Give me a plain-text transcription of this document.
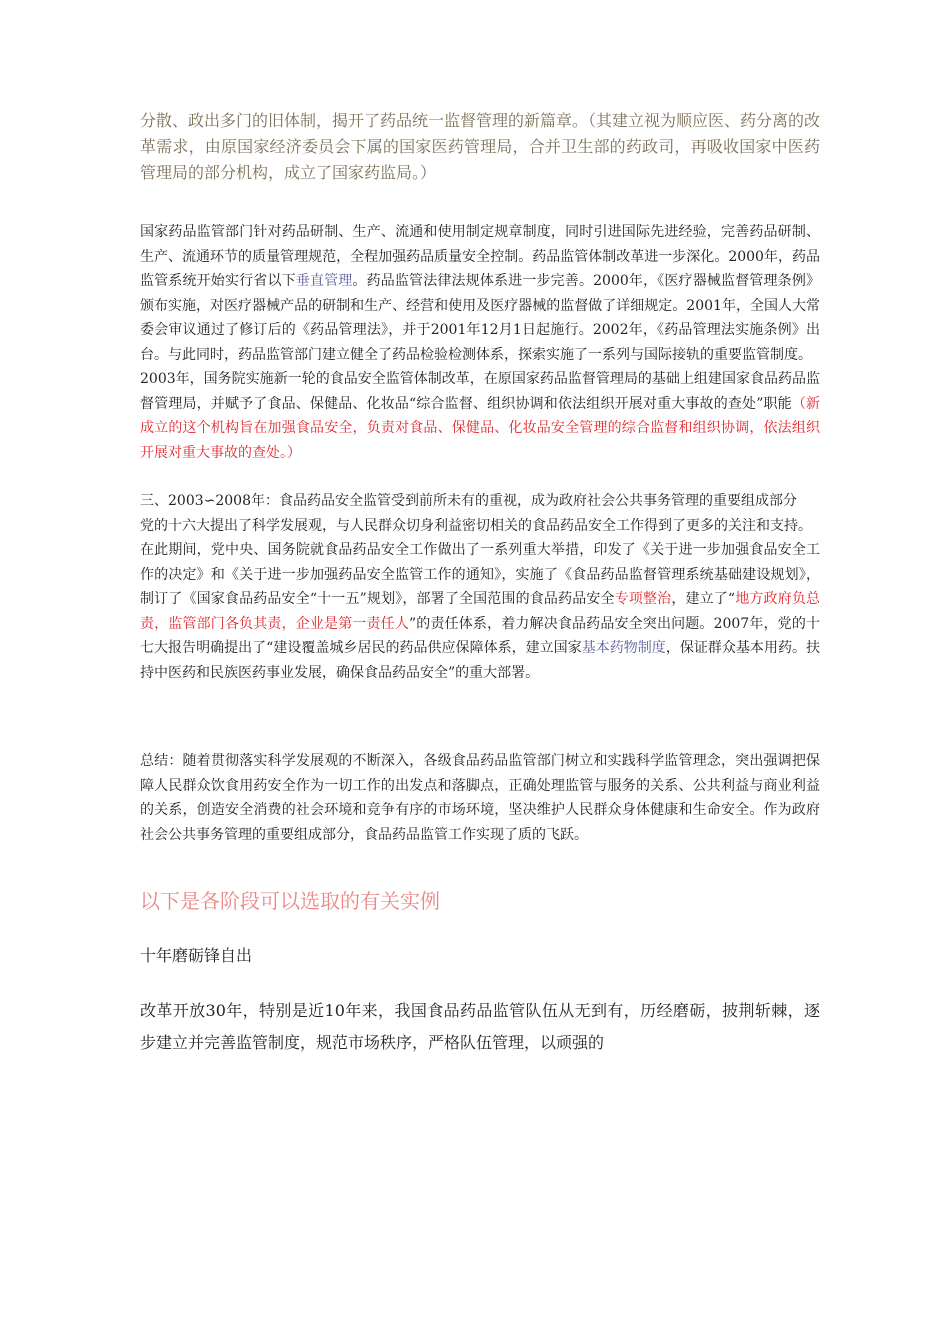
分散、政出多门的旧体制，揭开了药品统一监督管理的新篇章。（其建立视为顺应医、药分离的改革需求，由原国家经济委员会下属的国家医药管理局，合并卫生部的药政司，再吸收国家中医药管理局的部分机构，成立了国家药监局。）

国家药品监管部门针对药品研制、生产、流通和使用制定规章制度，同时引进国际先进经验，完善药品研制、生产、流通环节的质量管理规范，全程加强药品质量安全控制。药品监管体制改革进一步深化。2000年，药品监管系统开始实行省以下垂直管理。药品监管法律法规体系进一步完善。2000年，《医疗器械监督管理条例》颁布实施，对医疗器械产品的研制和生产、经营和使用及医疗器械的监督做了详细规定。2001年，全国人大常委会审议通过了修订后的《药品管理法》，并于2001年12月1日起施行。2002年，《药品管理法实施条例》出台。与此同时，药品监管部门建立健全了药品检验检测体系，探索实施了一系列与国际接轨的重要监管制度。

2003年，国务院实施新一轮的食品安全监管体制改革，在原国家药品监督管理局的基础上组建国家食品药品监督管理局，并赋予了食品、保健品、化妆品“综合监督、组织协调和依法组织开展对重大事故的查处”职能（新成立的这个机构旨在加强食品安全，负责对食品、保健品、化妆品安全管理的综合监督和组织协调，依法组织开展对重大事故的查处。）

三、2003∽2008年：食品药品安全监管受到前所未有的重视，成为政府社会公共事务管理的重要组成部分

党的十六大提出了科学发展观，与人民群众切身利益密切相关的食品药品安全工作得到了更多的关注和支持。

在此期间，党中央、国务院就食品药品安全工作做出了一系列重大举措，印发了《关于进一步加强食品安全工作的决定》和《关于进一步加强药品安全监管工作的通知》，实施了《食品药品监督管理系统基础建设规划》，制订了《国家食品药品安全“十一五”规划》，部署了全国范围的食品药品安全专项整治，建立了“地方政府负总责，监管部门各负其责，企业是第一责任人”的责任体系，着力解决食品药品安全突出问题。2007年，党的十七大报告明确提出了“建设覆盖城乡居民的药品供应保障体系，建立国家基本药物制度，保证群众基本用药。扶持中医药和民族医药事业发展，确保食品药品安全”的重大部署。

总结：随着贯彻落实科学发展观的不断深入，各级食品药品监管部门树立和实践科学监管理念，突出强调把保障人民群众饮食用药安全作为一切工作的出发点和落脚点，正确处理监管与服务的关系、公共利益与商业利益的关系，创造安全消费的社会环境和竞争有序的市场环境，坚决维护人民群众身体健康和生命安全。作为政府社会公共事务管理的重要组成部分，食品药品监管工作实现了质的飞跃。

以下是各阶段可以选取的有关实例

十年磨砺锋自出

改革开放30年，特别是近10年来，我国食品药品监管队伍从无到有，历经磨砺，披荆斩棘，逐步建立并完善监管制度，规范市场秩序，严格队伍管理，以顽强的
